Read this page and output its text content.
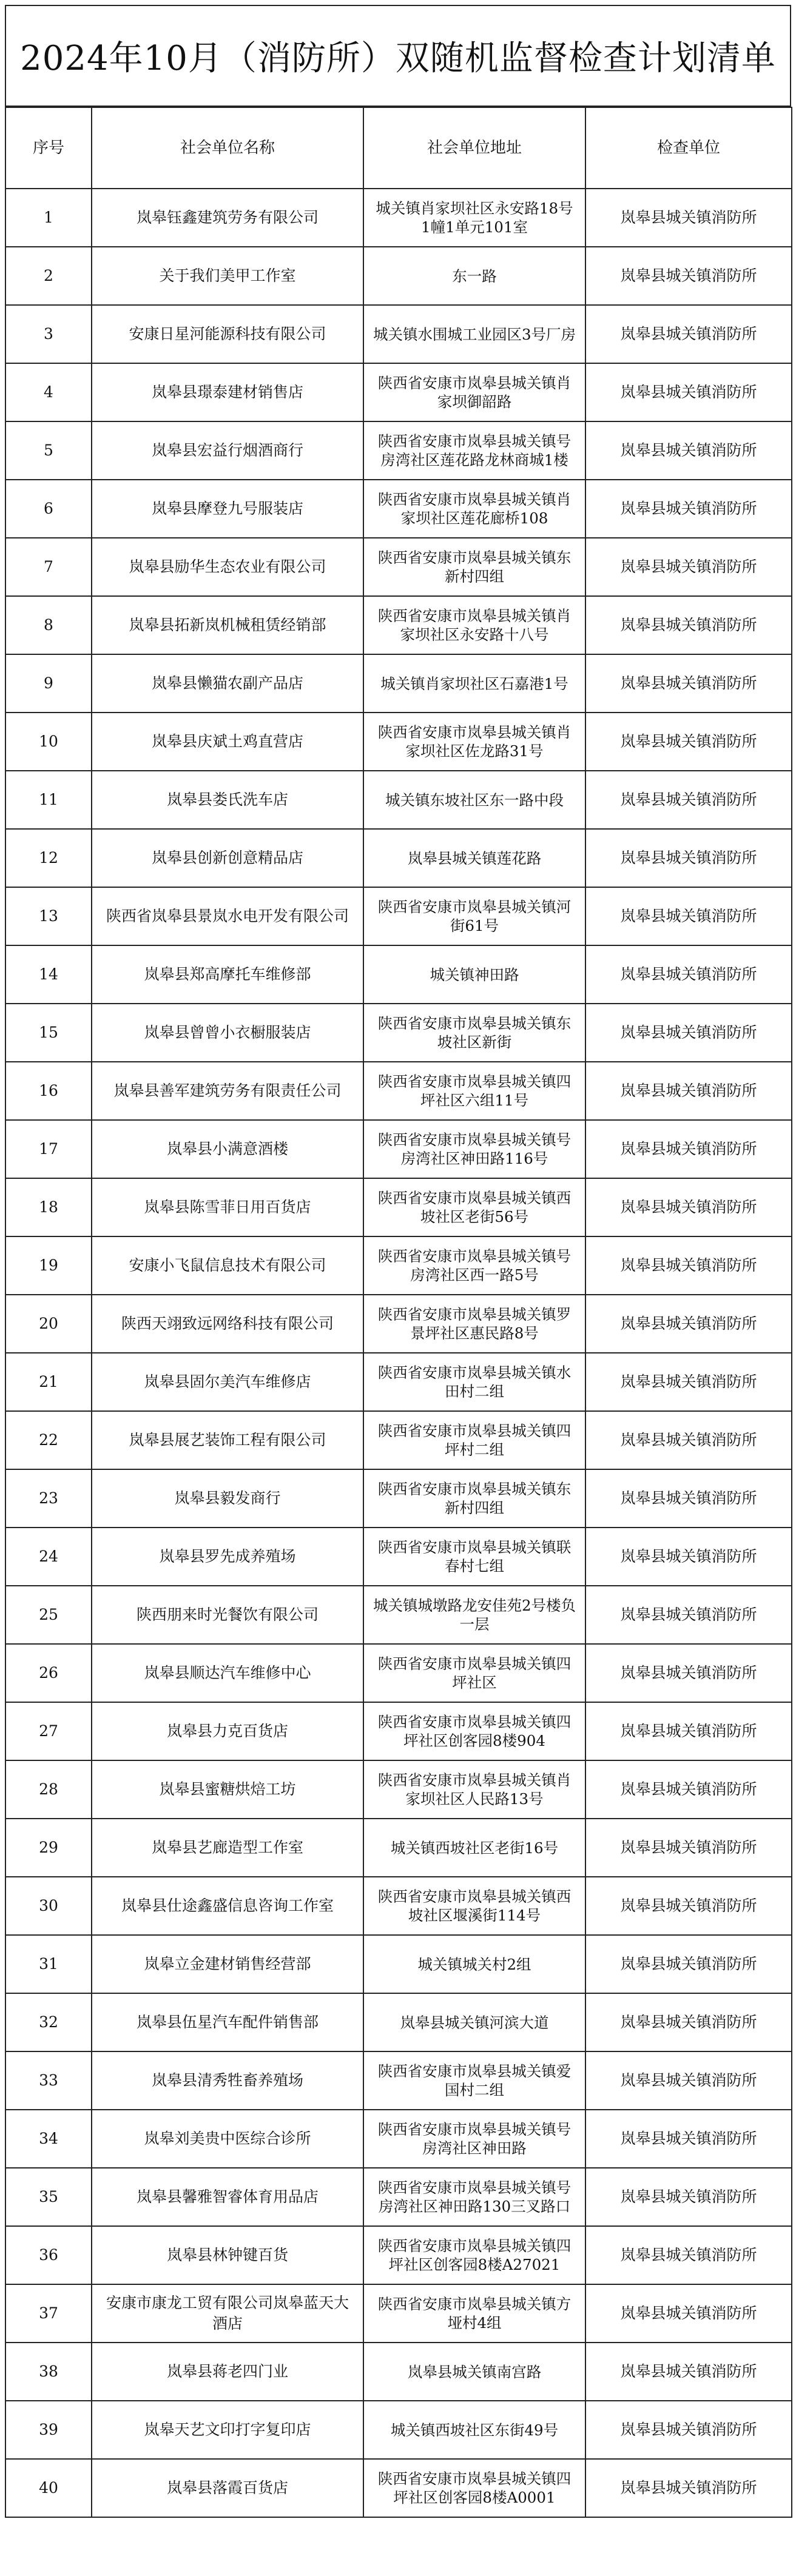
2024年10月（消防所）双随机监督检查计划清单
序号	社会单位名称	社会单位地址	检查单位
1	岚皋钰鑫建筑劳务有限公司	城关镇肖家坝社区永安路18号1幢1单元101室	岚皋县城关镇消防所
2	关于我们美甲工作室	东一路	岚皋县城关镇消防所
3	安康日星河能源科技有限公司	城关镇水围城工业园区3号厂房	岚皋县城关镇消防所
4	岚皋县璟泰建材销售店	陕西省安康市岚皋县城关镇肖家坝御韶路	岚皋县城关镇消防所
5	岚皋县宏益行烟酒商行	陕西省安康市岚皋县城关镇号房湾社区莲花路龙林商城1楼	岚皋县城关镇消防所
6	岚皋县摩登九号服装店	陕西省安康市岚皋县城关镇肖家坝社区莲花廊桥108	岚皋县城关镇消防所
7	岚皋县励华生态农业有限公司	陕西省安康市岚皋县城关镇东新村四组	岚皋县城关镇消防所
8	岚皋县拓新岚机械租赁经销部	陕西省安康市岚皋县城关镇肖家坝社区永安路十八号	岚皋县城关镇消防所
9	岚皋县懒猫农副产品店	城关镇肖家坝社区石嘉港1号	岚皋县城关镇消防所
10	岚皋县庆斌土鸡直营店	陕西省安康市岚皋县城关镇肖家坝社区佐龙路31号	岚皋县城关镇消防所
11	岚皋县娄氏洗车店	城关镇东坡社区东一路中段	岚皋县城关镇消防所
12	岚皋县创新创意精品店	岚皋县城关镇莲花路	岚皋县城关镇消防所
13	陕西省岚皋县景岚水电开发有限公司	陕西省安康市岚皋县城关镇河街61号	岚皋县城关镇消防所
14	岚皋县郑高摩托车维修部	城关镇神田路	岚皋县城关镇消防所
15	岚皋县曾曾小衣橱服装店	陕西省安康市岚皋县城关镇东坡社区新街	岚皋县城关镇消防所
16	岚皋县善军建筑劳务有限责任公司	陕西省安康市岚皋县城关镇四坪社区六组11号	岚皋县城关镇消防所
17	岚皋县小满意酒楼	陕西省安康市岚皋县城关镇号房湾社区神田路116号	岚皋县城关镇消防所
18	岚皋县陈雪菲日用百货店	陕西省安康市岚皋县城关镇西坡社区老街56号	岚皋县城关镇消防所
19	安康小飞鼠信息技术有限公司	陕西省安康市岚皋县城关镇号房湾社区西一路5号	岚皋县城关镇消防所
20	陕西天翊致远网络科技有限公司	陕西省安康市岚皋县城关镇罗景坪社区惠民路8号	岚皋县城关镇消防所
21	岚皋县固尔美汽车维修店	陕西省安康市岚皋县城关镇水田村二组	岚皋县城关镇消防所
22	岚皋县展艺装饰工程有限公司	陕西省安康市岚皋县城关镇四坪村二组	岚皋县城关镇消防所
23	岚皋县毅发商行	陕西省安康市岚皋县城关镇东新村四组	岚皋县城关镇消防所
24	岚皋县罗先成养殖场	陕西省安康市岚皋县城关镇联春村七组	岚皋县城关镇消防所
25	陕西朋来时光餐饮有限公司	城关镇城墩路龙安佳苑2号楼负一层	岚皋县城关镇消防所
26	岚皋县顺达汽车维修中心	陕西省安康市岚皋县城关镇四坪社区	岚皋县城关镇消防所
27	岚皋县力克百货店	陕西省安康市岚皋县城关镇四坪社区创客园8楼904	岚皋县城关镇消防所
28	岚皋县蜜糖烘焙工坊	陕西省安康市岚皋县城关镇肖家坝社区人民路13号	岚皋县城关镇消防所
29	岚皋县艺廊造型工作室	城关镇西坡社区老街16号	岚皋县城关镇消防所
30	岚皋县仕途鑫盛信息咨询工作室	陕西省安康市岚皋县城关镇西坡社区堰溪街114号	岚皋县城关镇消防所
31	岚皋立金建材销售经营部	城关镇城关村2组	岚皋县城关镇消防所
32	岚皋县伍星汽车配件销售部	岚皋县城关镇河滨大道	岚皋县城关镇消防所
33	岚皋县清秀牲畜养殖场	陕西省安康市岚皋县城关镇爱国村二组	岚皋县城关镇消防所
34	岚皋刘美贵中医综合诊所	陕西省安康市岚皋县城关镇号房湾社区神田路	岚皋县城关镇消防所
35	岚皋县馨雅智睿体育用品店	陕西省安康市岚皋县城关镇号房湾社区神田路130三叉路口	岚皋县城关镇消防所
36	岚皋县林钟键百货	陕西省安康市岚皋县城关镇四坪社区创客园8楼A27021	岚皋县城关镇消防所
37	安康市康龙工贸有限公司岚皋蓝天大酒店	陕西省安康市岚皋县城关镇方垭村4组	岚皋县城关镇消防所
38	岚皋县蒋老四门业	岚皋县城关镇南宫路	岚皋县城关镇消防所
39	岚皋天艺文印打字复印店	城关镇西坡社区东街49号	岚皋县城关镇消防所
40	岚皋县落霞百货店	陕西省安康市岚皋县城关镇四坪社区创客园8楼A0001	岚皋县城关镇消防所
